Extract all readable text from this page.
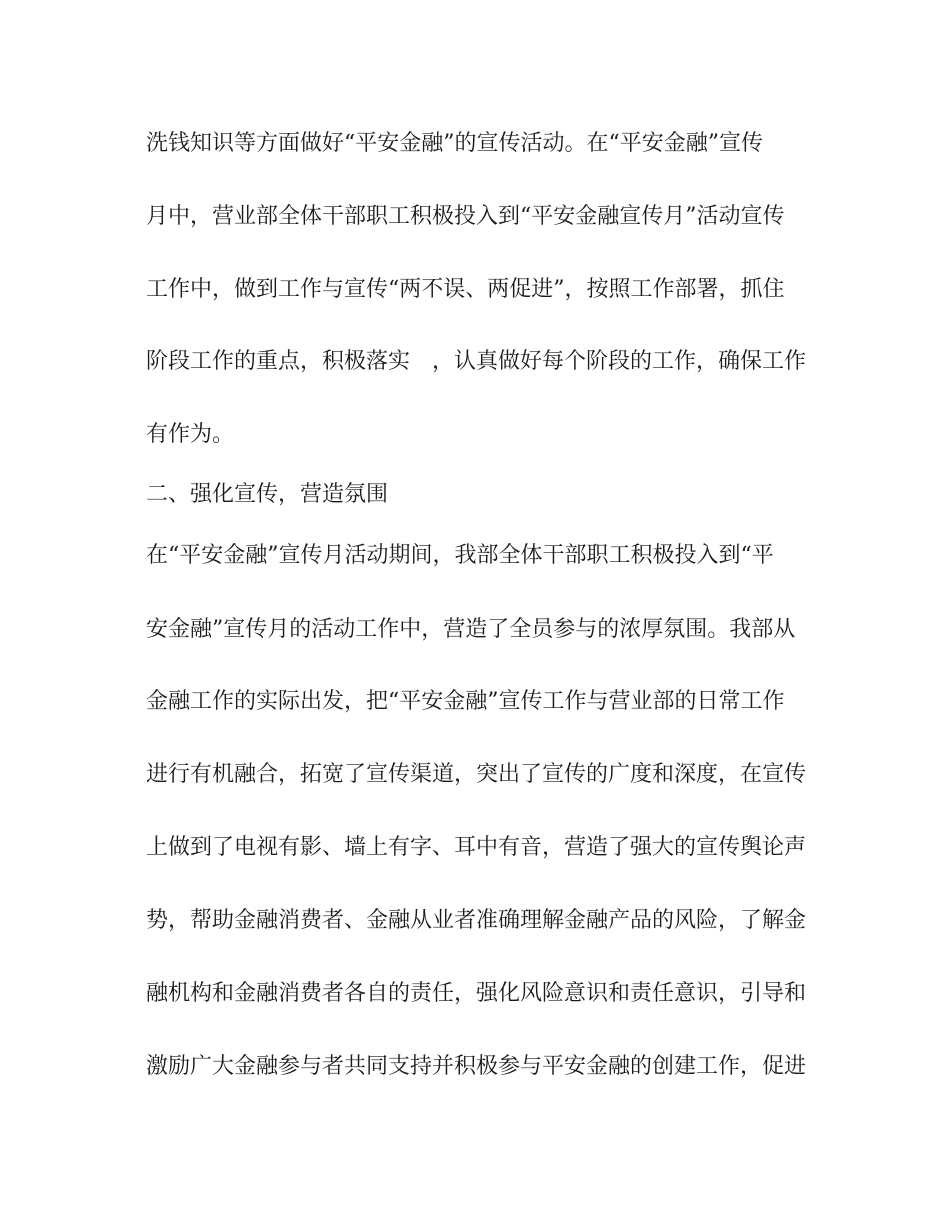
洗钱知识等方面做好“平安金融”的宣传活动。在“平安金融”宣传

月中，营业部全体干部职工积极投入到“平安金融宣传月”活动宣传

工作中，做到工作与宣传“两不误、两促进”，按照工作部署，抓住

阶段工作的重点，积极落实　，认真做好每个阶段的工作，确保工作

有作为。

二、强化宣传，营造氛围

在“平安金融”宣传月活动期间，我部全体干部职工积极投入到“平

安金融”宣传月的活动工作中，营造了全员参与的浓厚氛围。我部从

金融工作的实际出发，把“平安金融”宣传工作与营业部的日常工作

进行有机融合，拓宽了宣传渠道，突出了宣传的广度和深度，在宣传

上做到了电视有影、墙上有字、耳中有音，营造了强大的宣传舆论声

势，帮助金融消费者、金融从业者准确理解金融产品的风险，了解金

融机构和金融消费者各自的责任，强化风险意识和责任意识，引导和

激励广大金融参与者共同支持并积极参与平安金融的创建工作，促进
